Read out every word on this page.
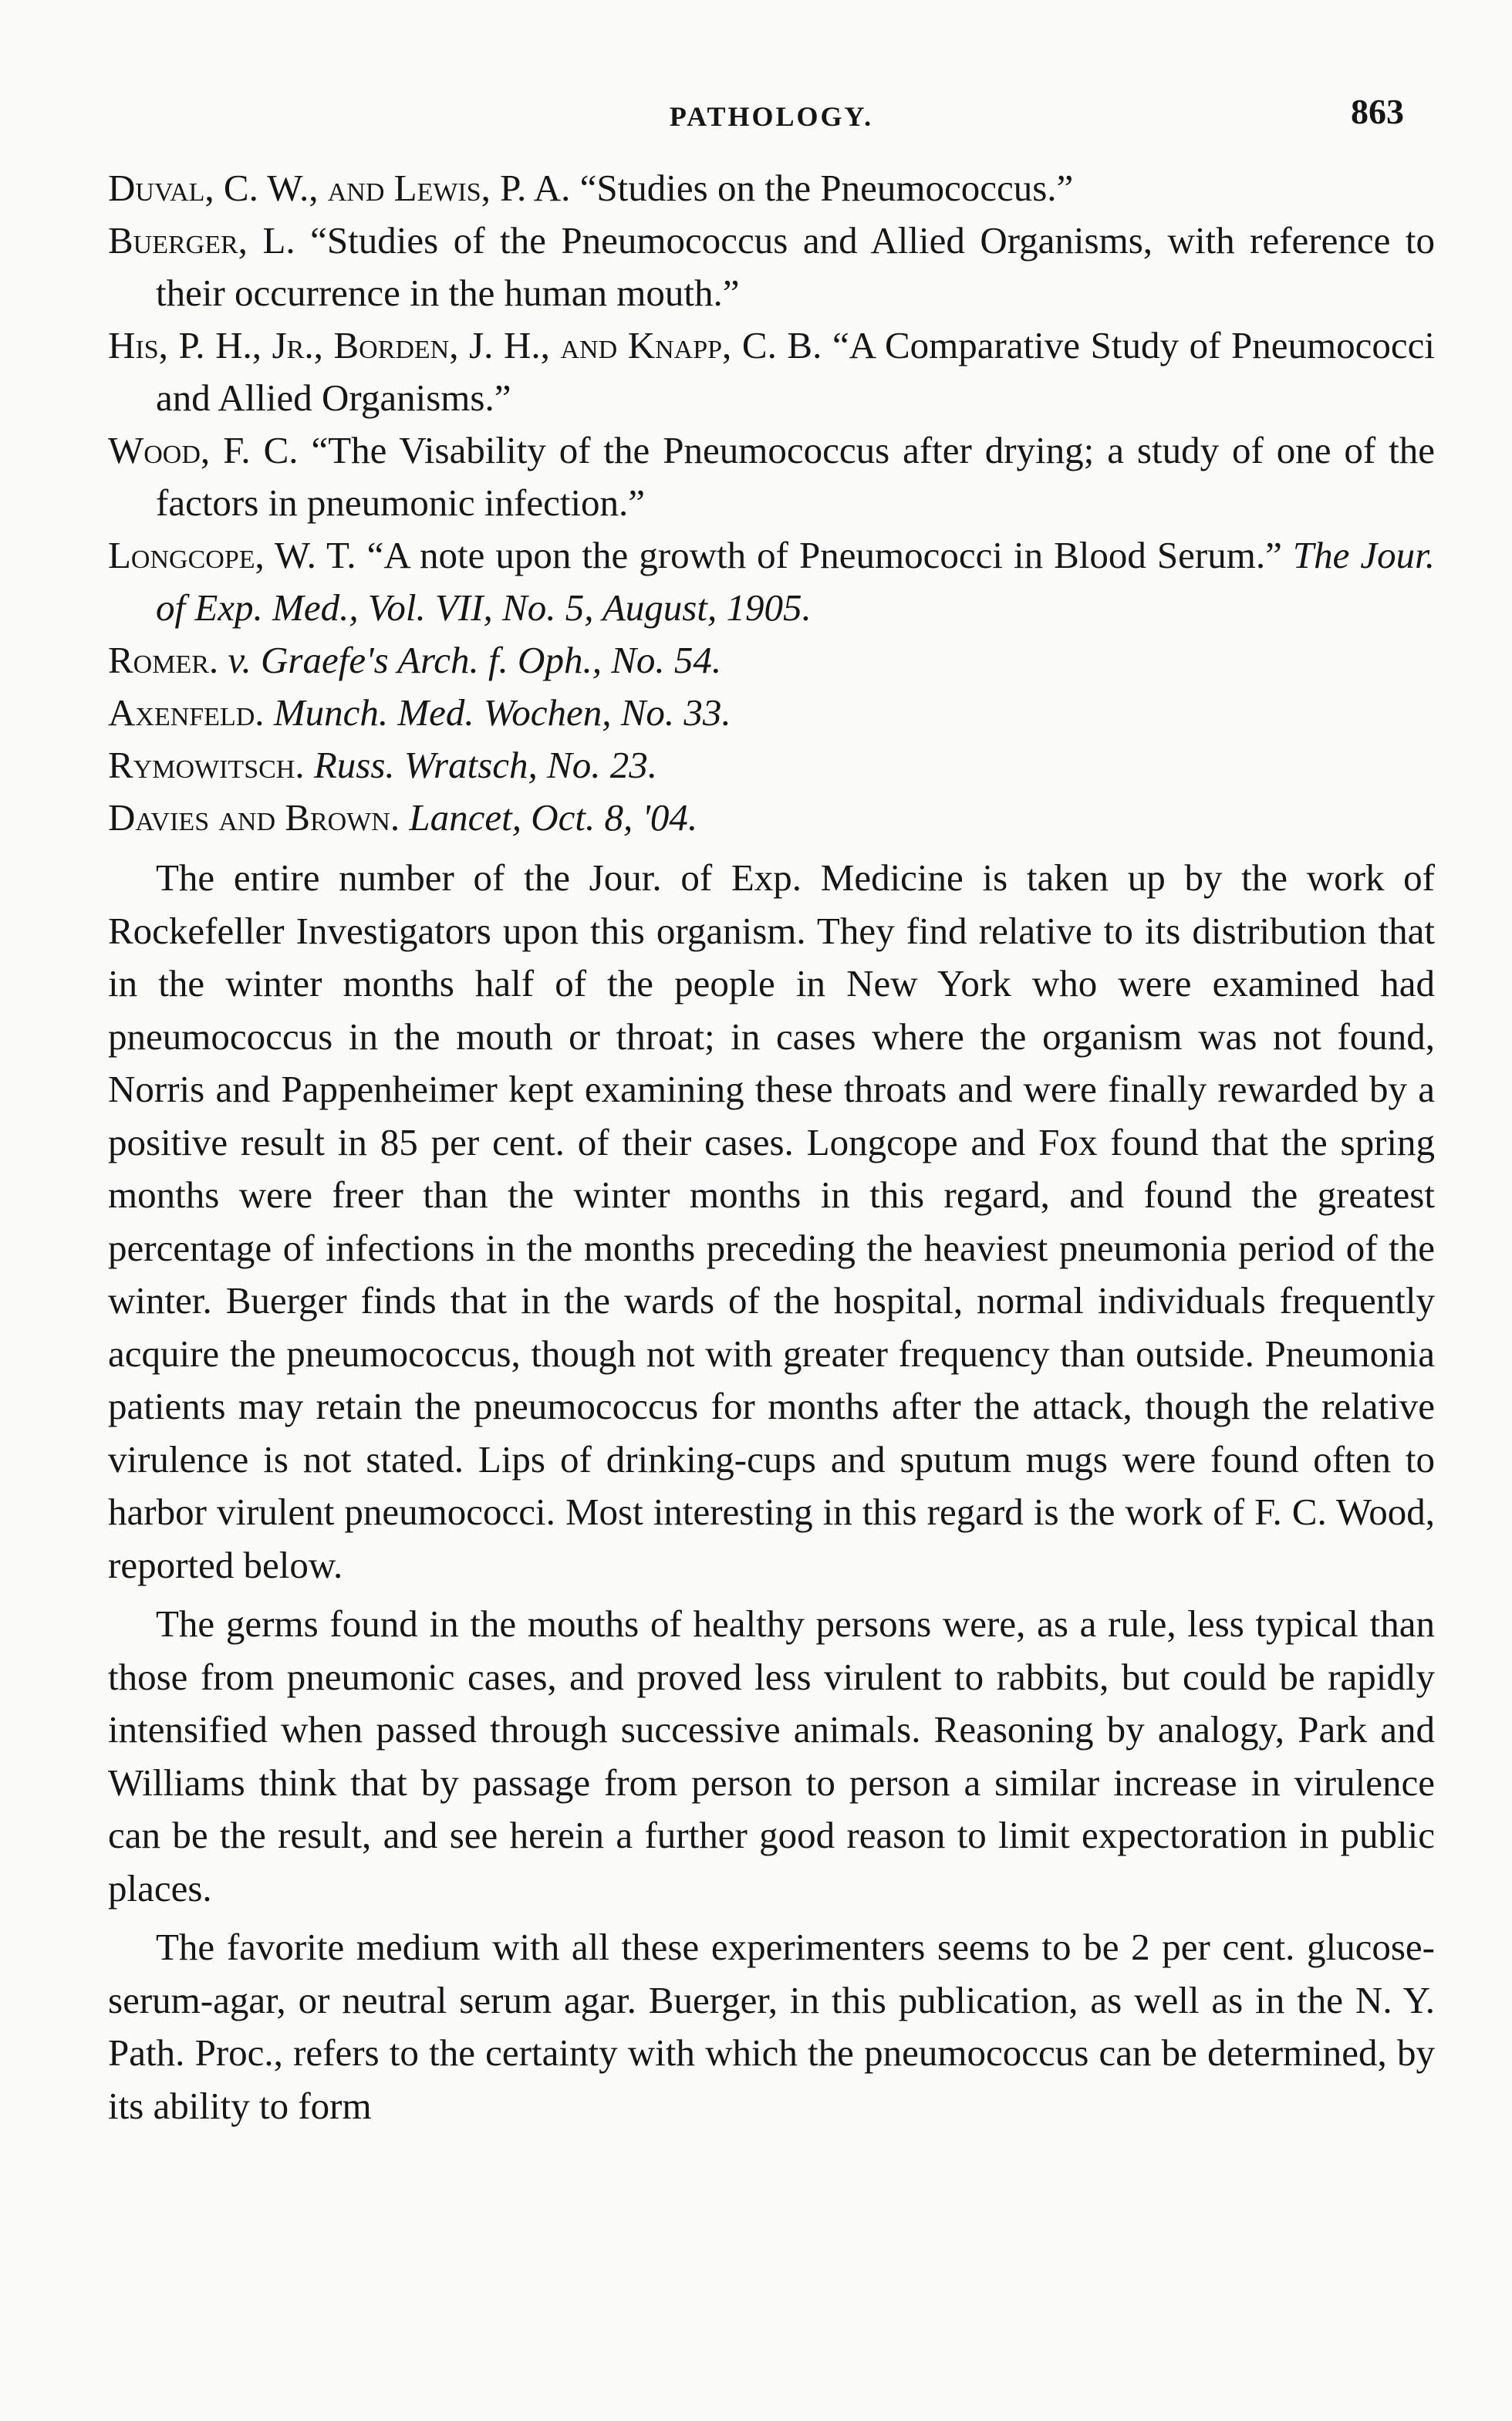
PATHOLOGY.	863
Duval, C. W., and Lewis, P. A. “Studies on the Pneumococcus.”
Buerger, L. “Studies of the Pneumococcus and Allied Organisms, with reference to their occurrence in the human mouth.”
His, P. H., Jr., Borden, J. H., and Knapp, C. B. “A Comparative Study of Pneumococci and Allied Organisms.”
Wood, F. C. “The Visability of the Pneumococcus after drying; a study of one of the factors in pneumonic infection.”
Longcope, W. T. “A note upon the growth of Pneumococci in Blood Serum.” The Jour. of Exp. Med., Vol. VII, No. 5, August, 1905.
Romer. v. Graefe's Arch. f. Oph., No. 54.
Axenfeld. Munch. Med. Wochen, No. 33.
Rymowitsch. Russ. Wratsch, No. 23.
Davies and Brown. Lancet, Oct. 8, '04.

The entire number of the Jour. of Exp. Medicine is taken up by the work of Rockefeller Investigators upon this organism. They find relative to its distribution that in the winter months half of the people in New York who were examined had pneumococcus in the mouth or throat; in cases where the organism was not found, Norris and Pappenheimer kept examining these throats and were finally rewarded by a positive result in 85 per cent. of their cases. Longcope and Fox found that the spring months were freer than the winter months in this regard, and found the greatest percentage of infections in the months preceding the heaviest pneumonia period of the winter. Buerger finds that in the wards of the hospital, normal individuals frequently acquire the pneumococcus, though not with greater frequency than outside. Pneumonia patients may retain the pneumococcus for months after the attack, though the relative virulence is not stated. Lips of drinking-cups and sputum mugs were found often to harbor virulent pneumococci. Most interesting in this regard is the work of F. C. Wood, reported below.

The germs found in the mouths of healthy persons were, as a rule, less typical than those from pneumonic cases, and proved less virulent to rabbits, but could be rapidly intensified when passed through successive animals. Reasoning by analogy, Park and Williams think that by passage from person to person a similar increase in virulence can be the result, and see herein a further good reason to limit expectoration in public places.

The favorite medium with all these experimenters seems to be 2 per cent. glucose-serum-agar, or neutral serum agar. Buerger, in this publication, as well as in the N. Y. Path. Proc., refers to the certainty with which the pneumococcus can be determined, by its ability to form
